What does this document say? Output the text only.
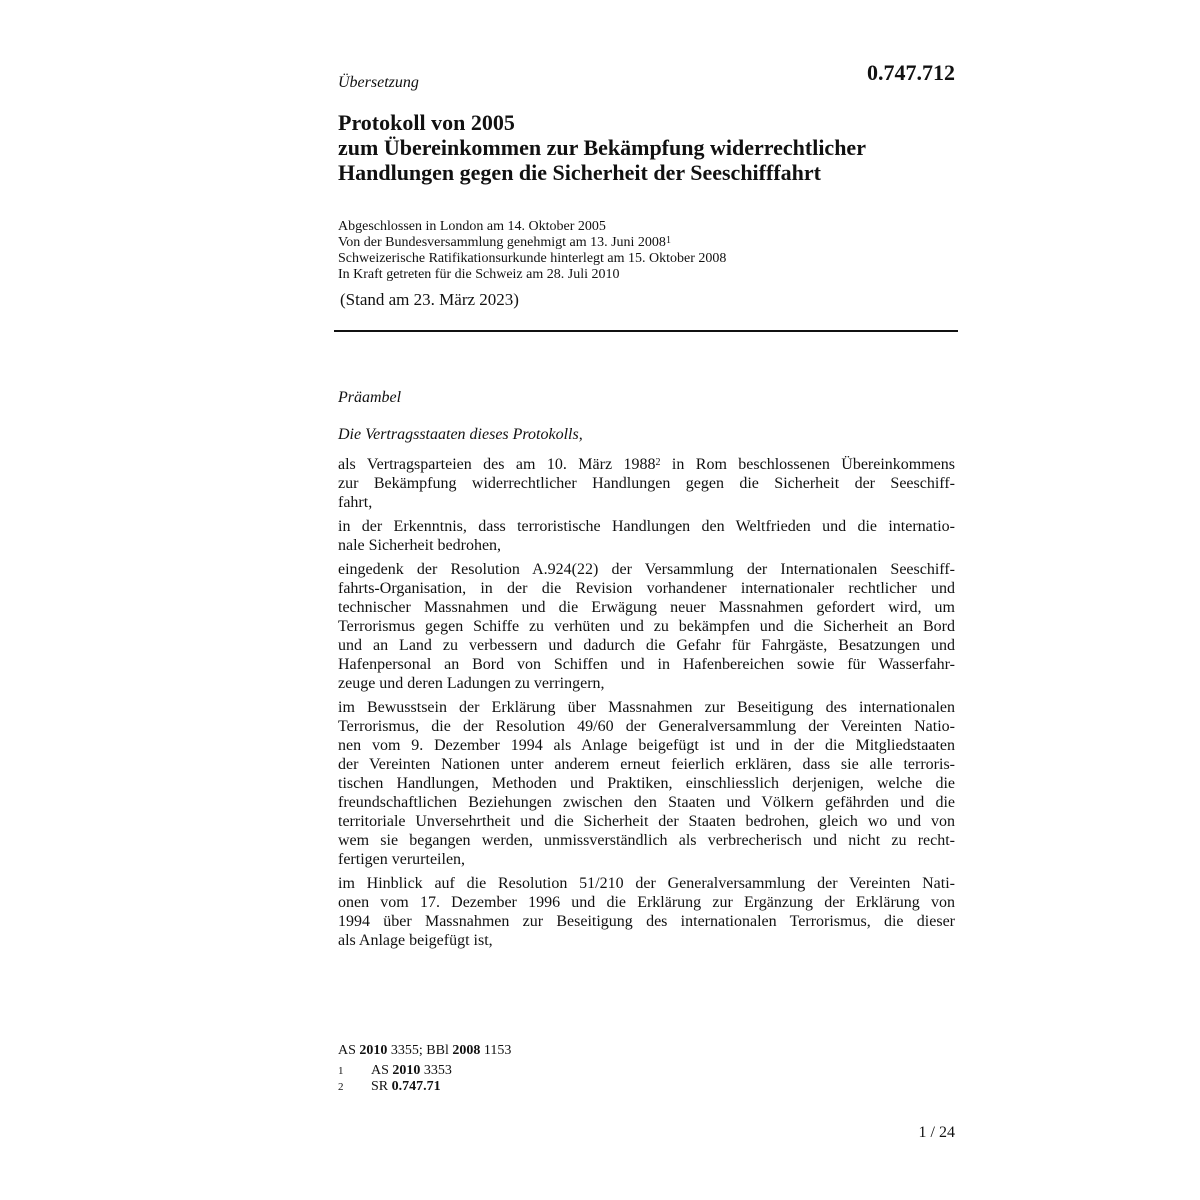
Übersetzung	0.747.712
Protokoll von 2005
zum Übereinkommen zur Bekämpfung widerrechtlicher
Handlungen gegen die Sicherheit der Seeschifffahrt
Abgeschlossen in London am 14. Oktober 2005
Von der Bundesversammlung genehmigt am 13. Juni 2008$^1$
Schweizerische Ratifikationsurkunde hinterlegt am 15. Oktober 2008
In Kraft getreten für die Schweiz am 28. Juli 2010
(Stand am 23. März 2023)
Präambel
Die Vertragsstaaten dieses Protokolls,
als Vertragsparteien des am 10. März 1988$^2$ in Rom beschlossenen Übereinkommens
zur Bekämpfung widerrechtlicher Handlungen gegen die Sicherheit der Seeschiff-
fahrt,
in der Erkenntnis, dass terroristische Handlungen den Weltfrieden und die internatio-
nale Sicherheit bedrohen,
eingedenk der Resolution A.924(22) der Versammlung der Internationalen Seeschiff-
fahrts-Organisation, in der die Revision vorhandener internationaler rechtlicher und
technischer Massnahmen und die Erwägung neuer Massnahmen gefordert wird, um
Terrorismus gegen Schiffe zu verhüten und zu bekämpfen und die Sicherheit an Bord
und an Land zu verbessern und dadurch die Gefahr für Fahrgäste, Besatzungen und
Hafenpersonal an Bord von Schiffen und in Hafenbereichen sowie für Wasserfahr-
zeuge und deren Ladungen zu verringern,
im Bewusstsein der Erklärung über Massnahmen zur Beseitigung des internationalen
Terrorismus, die der Resolution 49/60 der Generalversammlung der Vereinten Natio-
nen vom 9. Dezember 1994 als Anlage beigefügt ist und in der die Mitgliedstaaten
der Vereinten Nationen unter anderem erneut feierlich erklären, dass sie alle terroris-
tischen Handlungen, Methoden und Praktiken, einschliesslich derjenigen, welche die
freundschaftlichen Beziehungen zwischen den Staaten und Völkern gefährden und die
territoriale Unversehrtheit und die Sicherheit der Staaten bedrohen, gleich wo und von
wem sie begangen werden, unmissverständlich als verbrecherisch und nicht zu recht-
fertigen verurteilen,
im Hinblick auf die Resolution 51/210 der Generalversammlung der Vereinten Nati-
onen vom 17. Dezember 1996 und die Erklärung zur Ergänzung der Erklärung von
1994 über Massnahmen zur Beseitigung des internationalen Terrorismus, die dieser
als Anlage beigefügt ist,
AS 2010 3355; BBl 2008 1153
1	AS 2010 3353
2	SR 0.747.71
1 / 24
